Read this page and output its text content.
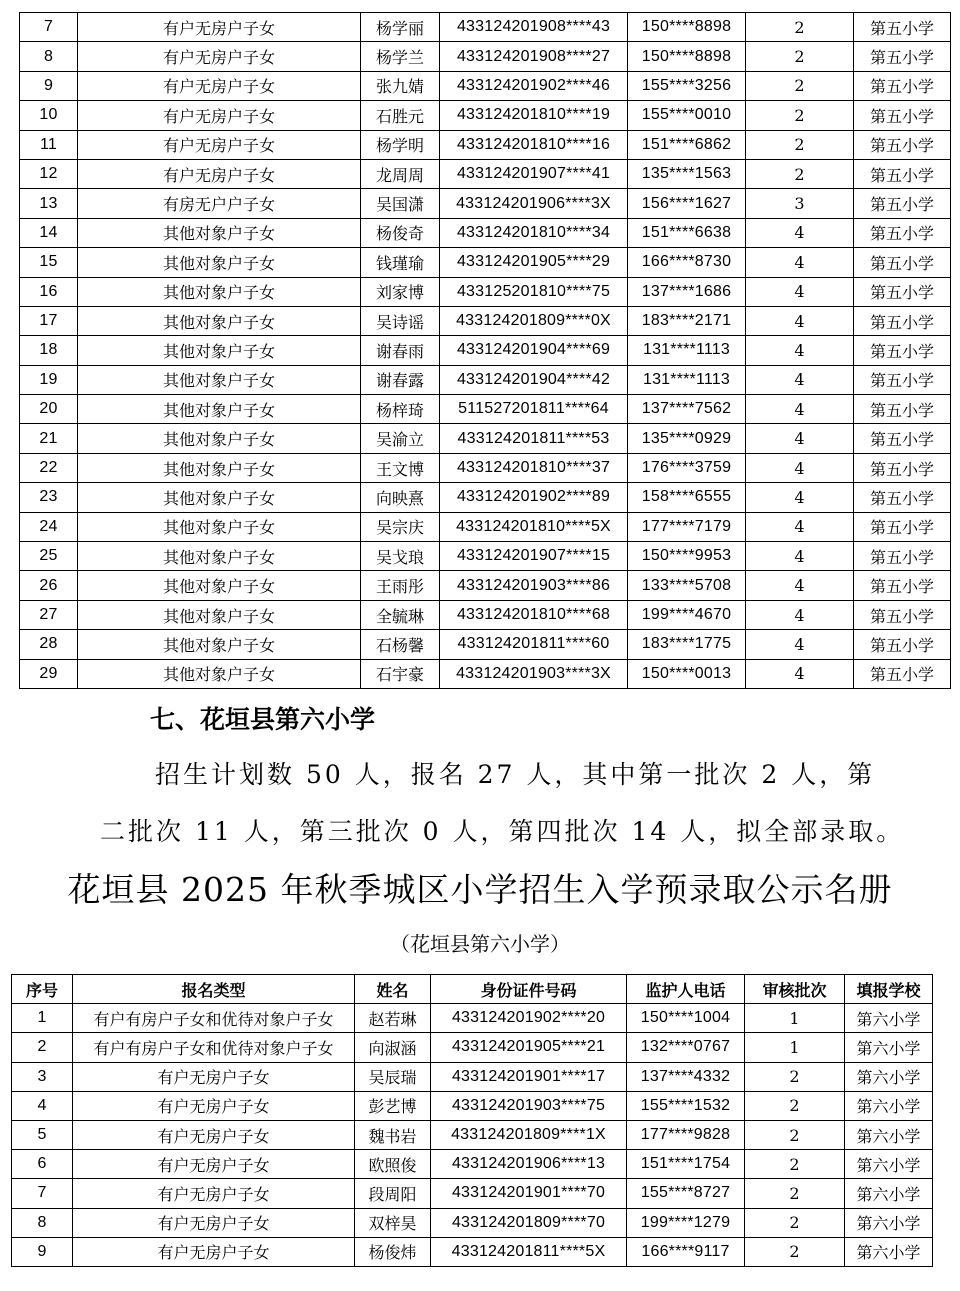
7	有户无房户子女	杨学丽	433124201908****43	150****8898	2	第五小学
8	有户无房户子女	杨学兰	433124201908****27	150****8898	2	第五小学
9	有户无房户子女	张九婧	433124201902****46	155****3256	2	第五小学
10	有户无房户子女	石胜元	433124201810****19	155****0010	2	第五小学
11	有户无房户子女	杨学明	433124201810****16	151****6862	2	第五小学
12	有户无房户子女	龙周周	433124201907****41	135****1563	2	第五小学
13	有房无户户子女	吴国潇	433124201906****3X	156****1627	3	第五小学
14	其他对象户子女	杨俊奇	433124201810****34	151****6638	4	第五小学
15	其他对象户子女	钱瑾瑜	433124201905****29	166****8730	4	第五小学
16	其他对象户子女	刘家博	433125201810****75	137****1686	4	第五小学
17	其他对象户子女	吴诗谣	433124201809****0X	183****2171	4	第五小学
18	其他对象户子女	谢春雨	433124201904****69	131****1113	4	第五小学
19	其他对象户子女	谢春露	433124201904****42	131****1113	4	第五小学
20	其他对象户子女	杨梓琦	511527201811****64	137****7562	4	第五小学
21	其他对象户子女	吴渝立	433124201811****53	135****0929	4	第五小学
22	其他对象户子女	王文博	433124201810****37	176****3759	4	第五小学
23	其他对象户子女	向映熹	433124201902****89	158****6555	4	第五小学
24	其他对象户子女	吴宗庆	433124201810****5X	177****7179	4	第五小学
25	其他对象户子女	吴戈琅	433124201907****15	150****9953	4	第五小学
26	其他对象户子女	王雨彤	433124201903****86	133****5708	4	第五小学
27	其他对象户子女	全毓琳	433124201810****68	199****4670	4	第五小学
28	其他对象户子女	石杨馨	433124201811****60	183****1775	4	第五小学
29	其他对象户子女	石宇豪	433124201903****3X	150****0013	4	第五小学
七、花垣县第六小学
招生计划数 50 人，报名 27 人，其中第一批次 2 人，第
二批次 11 人，第三批次 0 人，第四批次 14 人，拟全部录取。
花垣县 2025 年秋季城区小学招生入学预录取公示名册
（花垣县第六小学）
序号	报名类型	姓名	身份证件号码	监护人电话	审核批次	填报学校
1	有户有房户子女和优待对象户子女	赵若琳	433124201902****20	150****1004	1	第六小学
2	有户有房户子女和优待对象户子女	向淑涵	433124201905****21	132****0767	1	第六小学
3	有户无房户子女	吴辰瑞	433124201901****17	137****4332	2	第六小学
4	有户无房户子女	彭艺博	433124201903****75	155****1532	2	第六小学
5	有户无房户子女	魏书岩	433124201809****1X	177****9828	2	第六小学
6	有户无房户子女	欧照俊	433124201906****13	151****1754	2	第六小学
7	有户无房户子女	段周阳	433124201901****70	155****8727	2	第六小学
8	有户无房户子女	双梓昊	433124201809****70	199****1279	2	第六小学
9	有户无房户子女	杨俊炜	433124201811****5X	166****9117	2	第六小学
